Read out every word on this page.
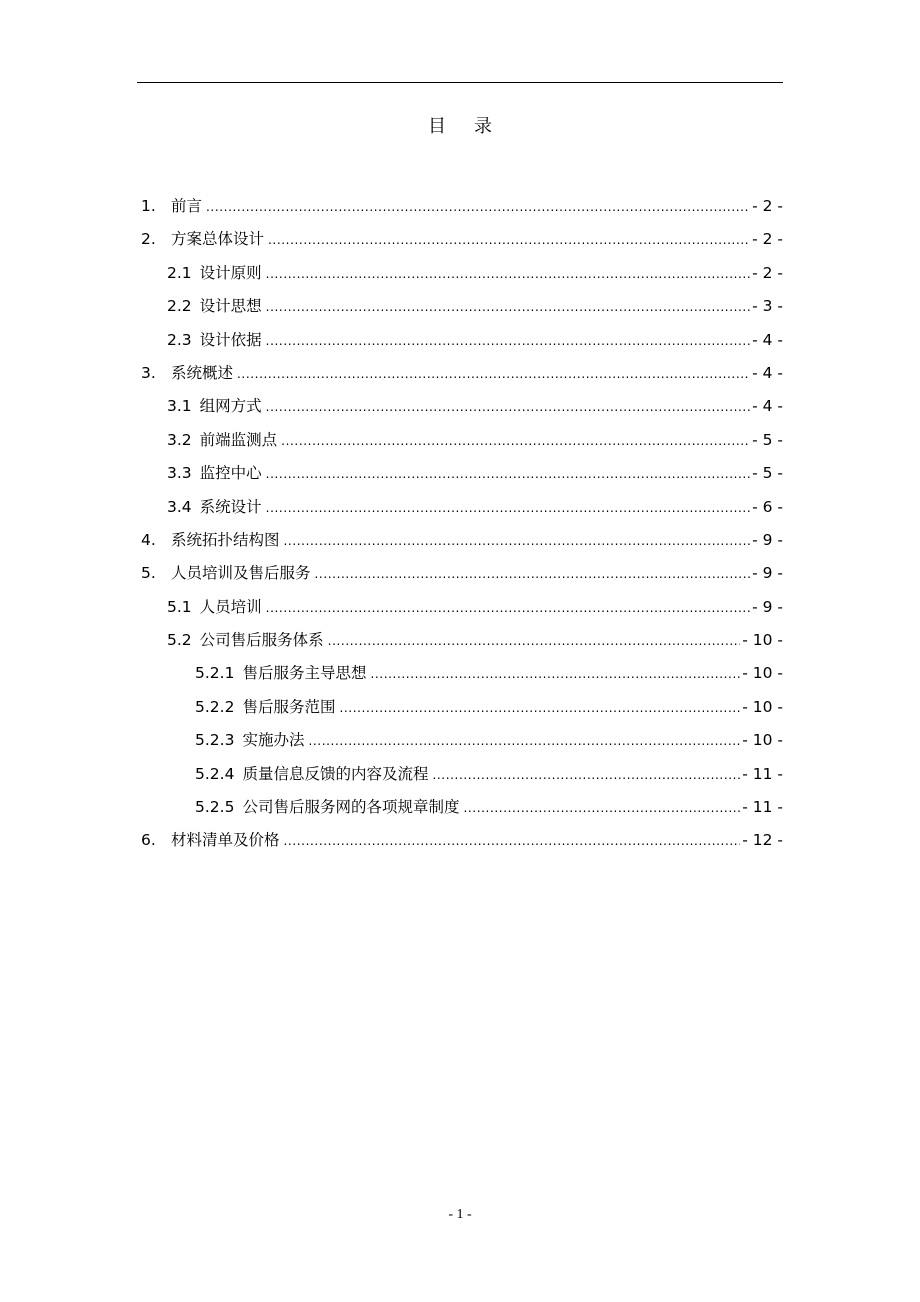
目 录
1. 前言 .....	- 2 -
2. 方案总体设计 .....	- 2 -
2.1 设计原则 .....	- 2 -
2.2 设计思想 .....	- 3 -
2.3 设计依据 .....	- 4 -
3. 系统概述 .....	- 4 -
3.1 组网方式 .....	- 4 -
3.2 前端监测点 .....	- 5 -
3.3 监控中心 .....	- 5 -
3.4 系统设计 .....	- 6 -
4. 系统拓扑结构图 .....	- 9 -
5. 人员培训及售后服务 .....	- 9 -
5.1 人员培训 .....	- 9 -
5.2 公司售后服务体系 .....	- 10 -
5.2.1 售后服务主导思想 .....	- 10 -
5.2.2 售后服务范围 .....	- 10 -
5.2.3 实施办法 .....	- 10 -
5.2.4 质量信息反馈的内容及流程 .....	- 11 -
5.2.5 公司售后服务网的各项规章制度 .....	- 11 -
6. 材料清单及价格 .....	- 12 -
- 1 -
